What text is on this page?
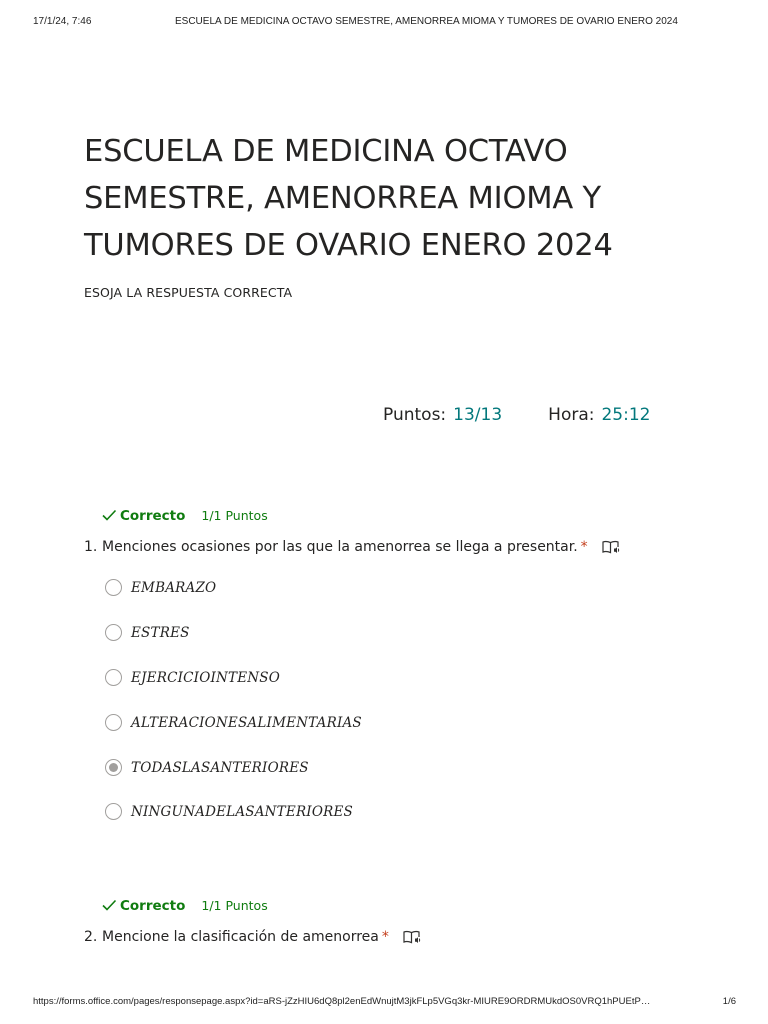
17/1/24, 7:46	ESCUELA DE MEDICINA OCTAVO SEMESTRE, AMENORREA MIOMA Y TUMORES DE OVARIO ENERO 2024
ESCUELA DE MEDICINA OCTAVO SEMESTRE, AMENORREA MIOMA Y TUMORES DE OVARIO ENERO 2024
ESOJA LA RESPUESTA CORRECTA
Puntos: 13/13	Hora: 25:12
Correcto 1/1 Puntos
1. Menciones ocasiones por las que la amenorrea se llega a presentar. *
EMBARAZO
ESTRES
EJERCICIOINTENSO
ALTERACIONESALIMENTARIAS
TODASLASANTERIORES
NINGUNADELASANTERIORES
Correcto 1/1 Puntos
2. Mencione la clasificación de amenorrea *
https://forms.office.com/pages/responsepage.aspx?id=aRS-jZzHIU6dQ8pl2enEdWnujtM3jkFLp5VGq3kr-MIURE9ORDRMUkdOS0VRQ1hPUEtP…	1/6
